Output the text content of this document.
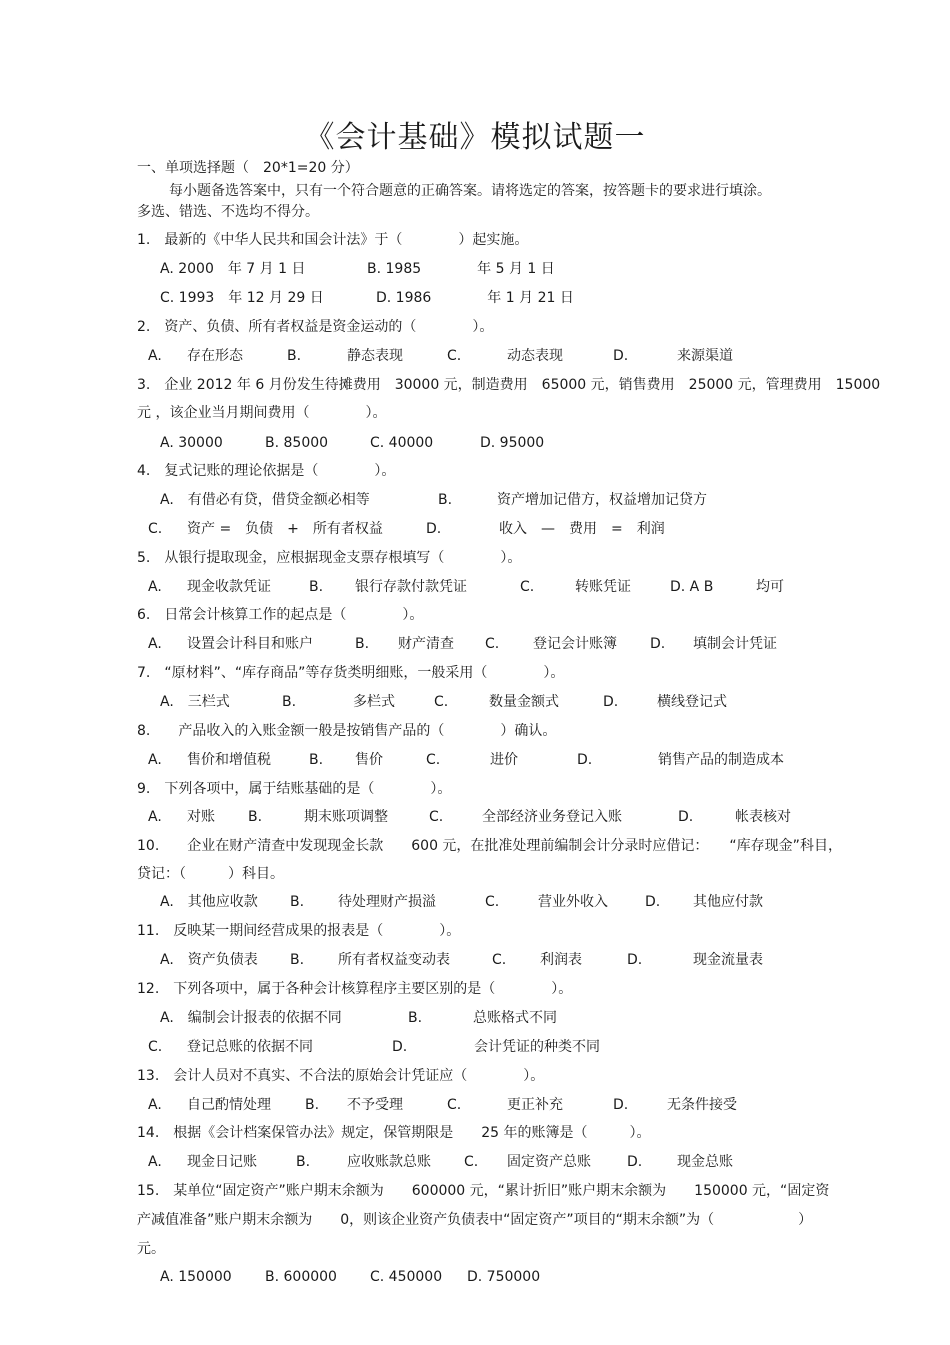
《会计基础》模拟试题一
一、单项选择题（　20*1=20 分）
每小题备选答案中，只有一个符合题意的正确答案。请将选定的答案，按答题卡的要求进行填涂。
多选、错选、不选均不得分。
1.　最新的《中华人民共和国会计法》于（　　　　）起实施。
A. 2000　年 7 月 1 日	B. 1985　　　　年 5 月 1 日
C. 1993　年 12 月 29 日	D. 1986　　　　年 1 月 21 日
2.　资产、负债、所有者权益是资金运动的（　　　　）。
A. 存在形态	B.	静态表现	C.	动态表现	D.	来源渠道
3.　企业 2012 年 6 月份发生待摊费用　30000 元，制造费用　65000 元，销售费用　25000 元，管理费用　15000
元 ，该企业当月期间费用（　　　　）。
A. 30000	B. 85000	C. 40000	D. 95000
4.　复式记账的理论依据是（　　　　）。
A.　有借必有贷，借贷金额必相等	B.	资产增加记借方，权益增加记贷方
C. 资产 =　负债　+　所有者权益	D.	收入　—　费用　=　利润
5.　从银行提取现金，应根据现金支票存根填写（　　　　）。
A. 现金收款凭证	B. 银行存款付款凭证	C.	转账凭证	D. A B	均可
6.　日常会计核算工作的起点是（　　　　）。
A. 设置会计科目和账户	B. 财产清查 C. 登记会计账簿 D. 填制会计凭证
7.　“原材料”、“库存商品”等存货类明细账，一般采用（　　　　）。
A.　三栏式	B.	多栏式	C.	数量金额式	D.	横线登记式
8.　　产品收入的入账金额一般是按销售产品的（　　　　）确认。
A. 售价和增值税	B. 售价	C.	进价	D.	销售产品的制造成本
9.　下列各项中，属于结账基础的是（　　　　）。
A. 对账 B.	期末账项调整	C.	全部经济业务登记入账	D.	帐表核对
10.　　企业在财产清查中发现现金长款　　600 元，在批准处理前编制会计分录时应借记：　　“库存现金”科目，
贷记：（　　　）科目。
A.　其他应收款 B. 待处理财产损溢	C.	营业外收入	D. 其他应付款
11.　反映某一期间经营成果的报表是（　　　　）。
A.　资产负债表 B. 所有者权益变动表	C. 利润表	D.	现金流量表
12.　下列各项中，属于各种会计核算程序主要区别的是（　　　　）。
A.　编制会计报表的依据不同	B.	总账格式不同
C. 登记总账的依据不同	D.	会计凭证的种类不同
13.　会计人员对不真实、不合法的原始会计凭证应（　　　　）。
A. 自己酌情处理 B. 不予受理	C.	更正补充	D.	无条件接受
14.　根据《会计档案保管办法》规定，保管期限是　　25 年的账簿是（　　　）。
A. 现金日记账	B.	应收账款总账 C. 固定资产总账	D. 现金总账
15.　某单位“固定资产”账户期末余额为　　600000 元，“累计折旧”账户期末余额为　　150000 元，“固定资
产减值准备”账户期末余额为　　0，则该企业资产负债表中“固定资产”项目的“期末余额”为（　　　　　　）
元。
A. 150000 B. 600000 C. 450000 D. 750000
